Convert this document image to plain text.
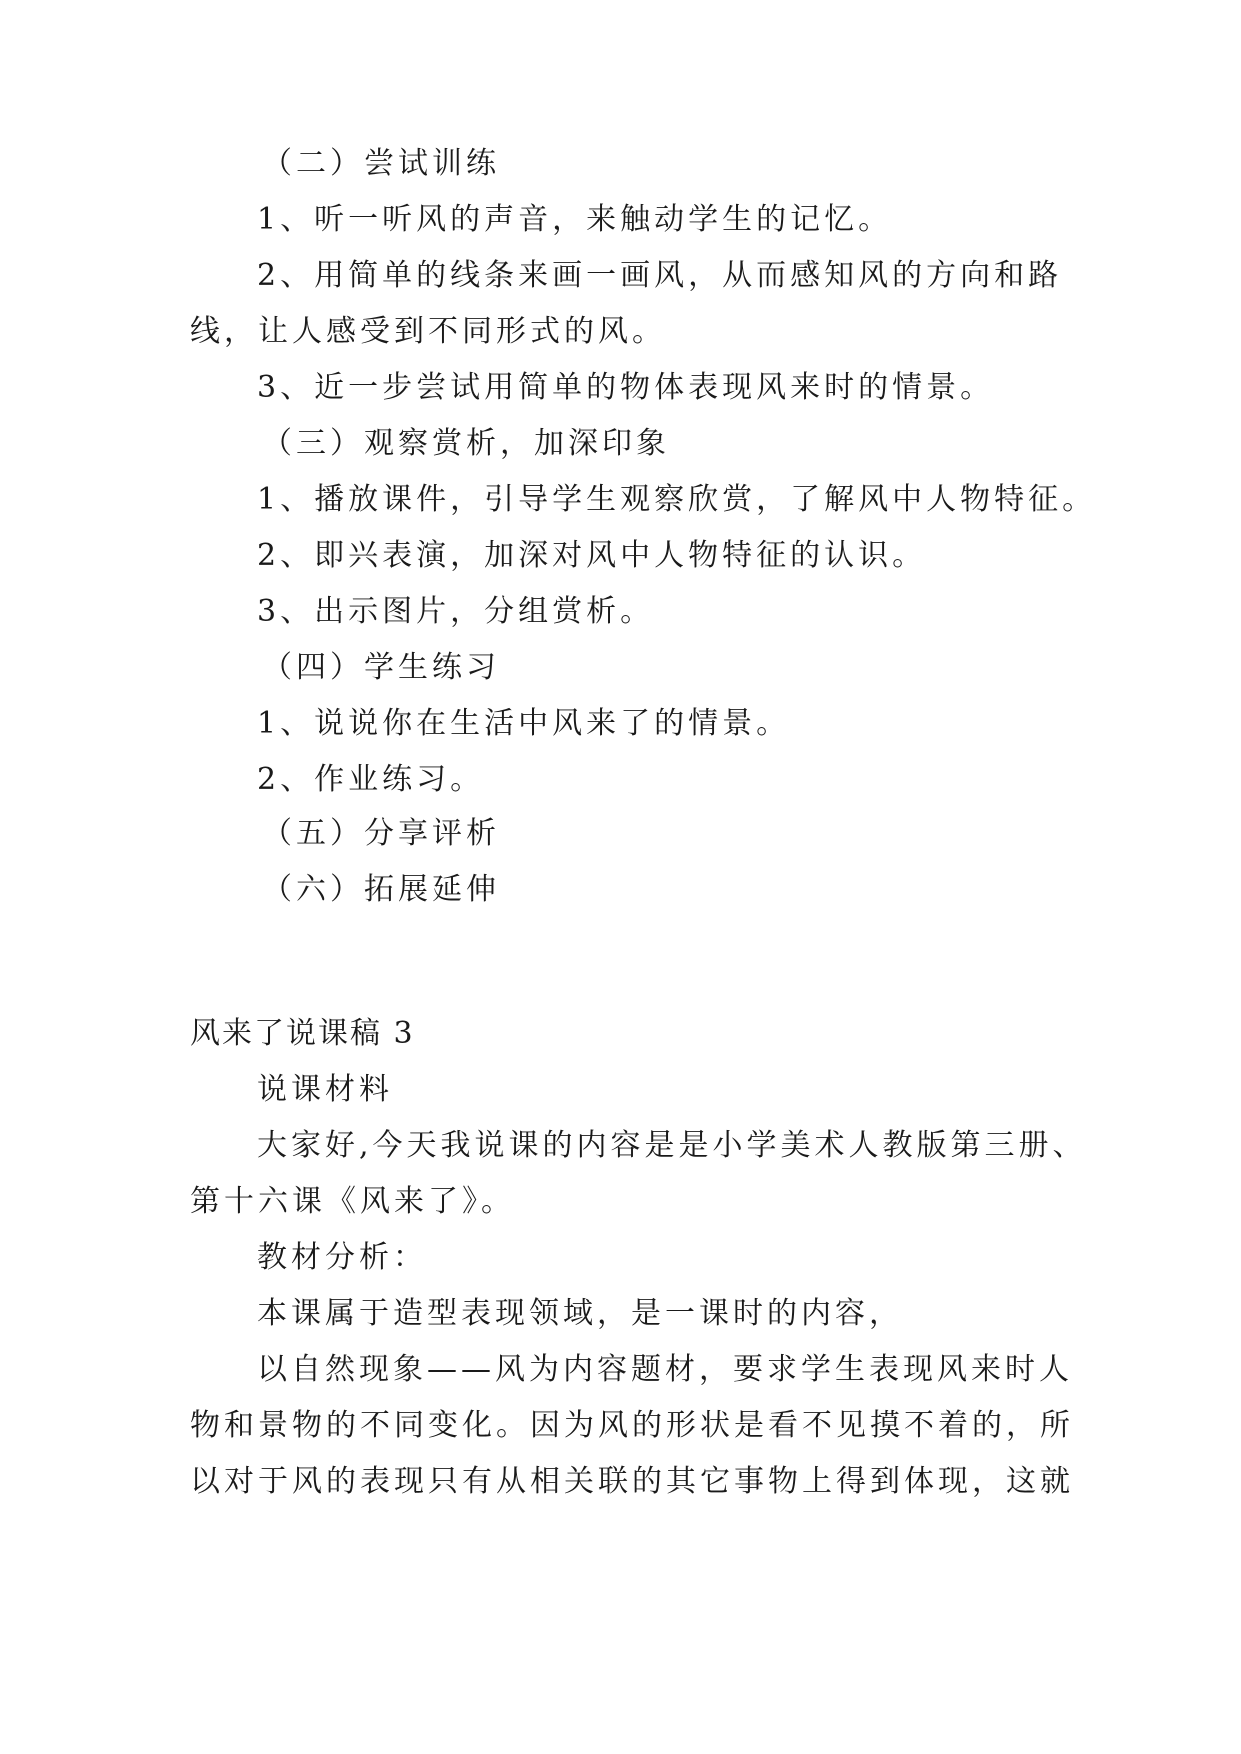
（二）尝试训练
1、听一听风的声音，来触动学生的记忆。
2、用简单的线条来画一画风，从而感知风的方向和路
线，让人感受到不同形式的风。
3、近一步尝试用简单的物体表现风来时的情景。
（三）观察赏析，加深印象
1、播放课件，引导学生观察欣赏，了解风中人物特征。
2、即兴表演，加深对风中人物特征的认识。
3、出示图片，分组赏析。
（四）学生练习
1、说说你在生活中风来了的情景。
2、作业练习。
（五）分享评析
（六）拓展延伸
风来了说课稿 3
说课材料
大家好,今天我说课的内容是是小学美术人教版第三册、
第十六课《风来了》。
教材分析：
本课属于造型表现领域，是一课时的内容，
以自然现象——风为内容题材，要求学生表现风来时人
物和景物的不同变化。因为风的形状是看不见摸不着的，所
以对于风的表现只有从相关联的其它事物上得到体现，这就
